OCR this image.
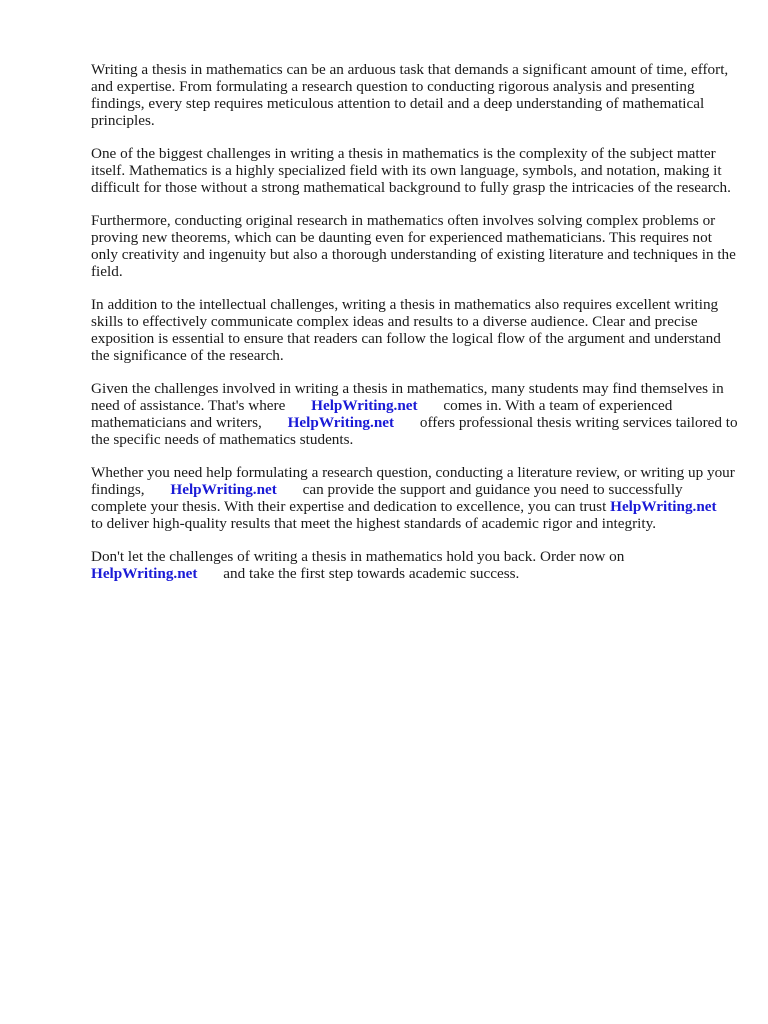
Writing a thesis in mathematics can be an arduous task that demands a significant amount of time, effort, and expertise. From formulating a research question to conducting rigorous analysis and presenting findings, every step requires meticulous attention to detail and a deep understanding of mathematical principles.

One of the biggest challenges in writing a thesis in mathematics is the complexity of the subject matter itself. Mathematics is a highly specialized field with its own language, symbols, and notation, making it difficult for those without a strong mathematical background to fully grasp the intricacies of the research.

Furthermore, conducting original research in mathematics often involves solving complex problems or proving new theorems, which can be daunting even for experienced mathematicians. This requires not only creativity and ingenuity but also a thorough understanding of existing literature and techniques in the field.

In addition to the intellectual challenges, writing a thesis in mathematics also requires excellent writing skills to effectively communicate complex ideas and results to a diverse audience. Clear and precise exposition is essential to ensure that readers can follow the logical flow of the argument and understand the significance of the research.

Given the challenges involved in writing a thesis in mathematics, many students may find themselves in need of assistance. That's where HelpWriting.net comes in. With a team of experienced mathematicians and writers, HelpWriting.net offers professional thesis writing services tailored to the specific needs of mathematics students.

Whether you need help formulating a research question, conducting a literature review, or writing up your findings, HelpWriting.net can provide the support and guidance you need to successfully complete your thesis. With their expertise and dedication to excellence, you can trust HelpWriting.net to deliver high-quality results that meet the highest standards of academic rigor and integrity.

Don't let the challenges of writing a thesis in mathematics hold you back. Order now on HelpWriting.net and take the first step towards academic success.
